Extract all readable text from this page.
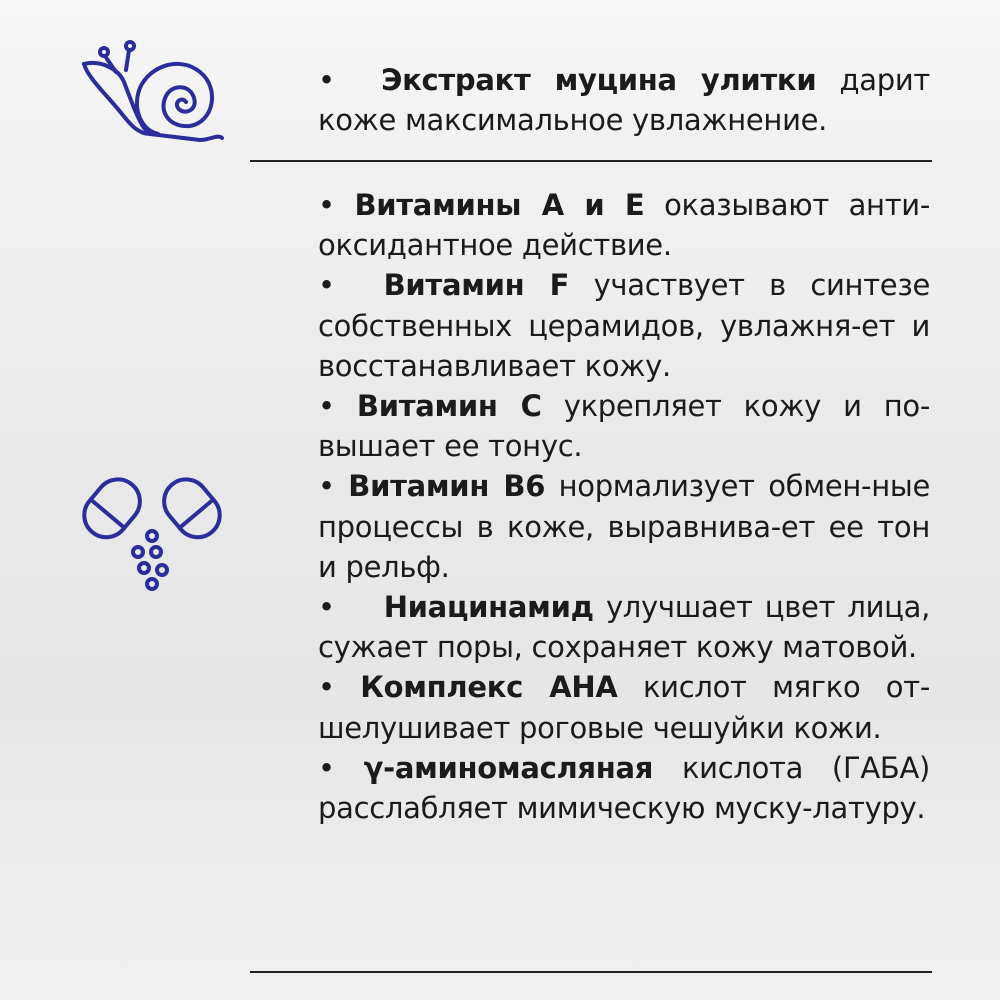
• Экстракт муцина улитки дарит кожe максимальное увлажнение.

• Витамины А и Е оказывают анти-оксидантное действие.

• Витамин F участвует в синтезе собственных церамидов, увлажня-ет и восстанавливает кожу.

• Витамин С укрепляет кожу и по-вышает ее тонус.

• Витамин В6 нормализует обмен-ные процессы в коже, выравнива-ет ее тон и рельф.

• Ниацинамид улучшает цвет лица, сужает поры, сохраняет кожу матовой.

• Комплекс АНА кислот мягко от-шелушивает роговые чешуйки кожи.

• γ-аминомасляная кислота (ГАБА) расслабляет мимическую муску-латуру.
